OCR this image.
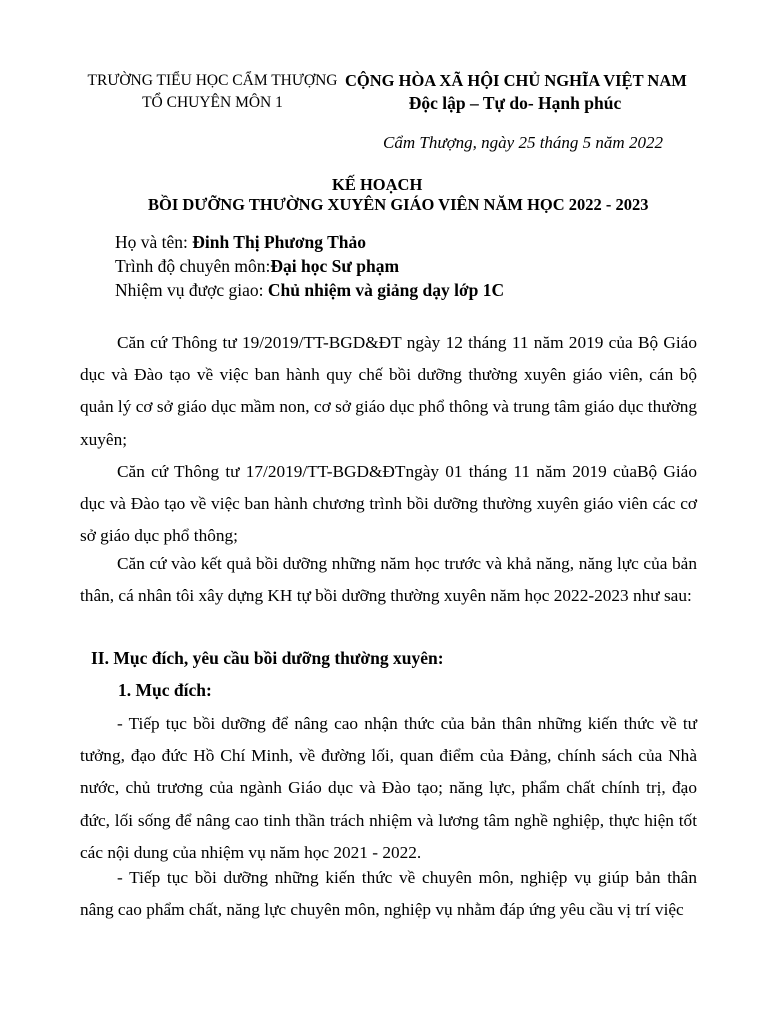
TRƯỜNG TIỂU HỌC CẨM THƯỢNG
TỔ CHUYÊN MÔN 1
CỘNG HÒA XÃ HỘI CHỦ NGHĨA VIỆT NAM
Độc lập – Tự do- Hạnh phúc
Cẩm Thượng, ngày 25 tháng 5 năm 2022
KẾ HOẠCH
BỒI DƯỠNG THƯỜNG XUYÊN GIÁO VIÊN NĂM HỌC 2022 - 2023
Họ và tên: Đinh Thị Phương Thảo
Trình độ chuyên môn:Đại học Sư phạm
Nhiệm vụ được giao: Chủ nhiệm và giảng dạy lớp 1C
Căn cứ Thông tư 19/2019/TT-BGD&ĐT ngày 12 tháng 11 năm 2019 của Bộ Giáo dục và Đào tạo về việc ban hành quy chế bồi dưỡng thường xuyên giáo viên, cán bộ quản lý cơ sở giáo dục mầm non, cơ sở giáo dục phổ thông và trung tâm giáo dục thường xuyên;
Căn cứ Thông tư 17/2019/TT-BGD&ĐTngày 01 tháng 11 năm 2019 củaBộ Giáo dục và Đào tạo về việc ban hành chương trình bồi dưỡng thường xuyên giáo viên các cơ sở giáo dục phổ thông;
Căn cứ vào kết quả bồi dưỡng những năm học trước và khả năng, năng lực của bản thân, cá nhân tôi xây dựng KH tự bồi dưỡng thường xuyên năm học 2022-2023 như sau:
II. Mục đích, yêu cầu bồi dưỡng thường xuyên:
1. Mục đích:
- Tiếp tục bồi dưỡng để nâng cao nhận thức của bản thân những kiến thức về tư tưởng, đạo đức Hồ Chí Minh, về đường lối, quan điểm của Đảng, chính sách của Nhà nước, chủ trương của ngành Giáo dục và Đào tạo; năng lực, phẩm chất chính trị, đạo đức, lối sống để nâng cao tinh thần trách nhiệm và lương tâm nghề nghiệp, thực hiện tốt các nội dung của nhiệm vụ năm học 2021 - 2022.
- Tiếp tục bồi dưỡng những kiến thức về chuyên môn, nghiệp vụ giúp bản thân nâng cao phẩm chất, năng lực chuyên môn, nghiệp vụ nhằm đáp ứng yêu cầu vị trí việc
